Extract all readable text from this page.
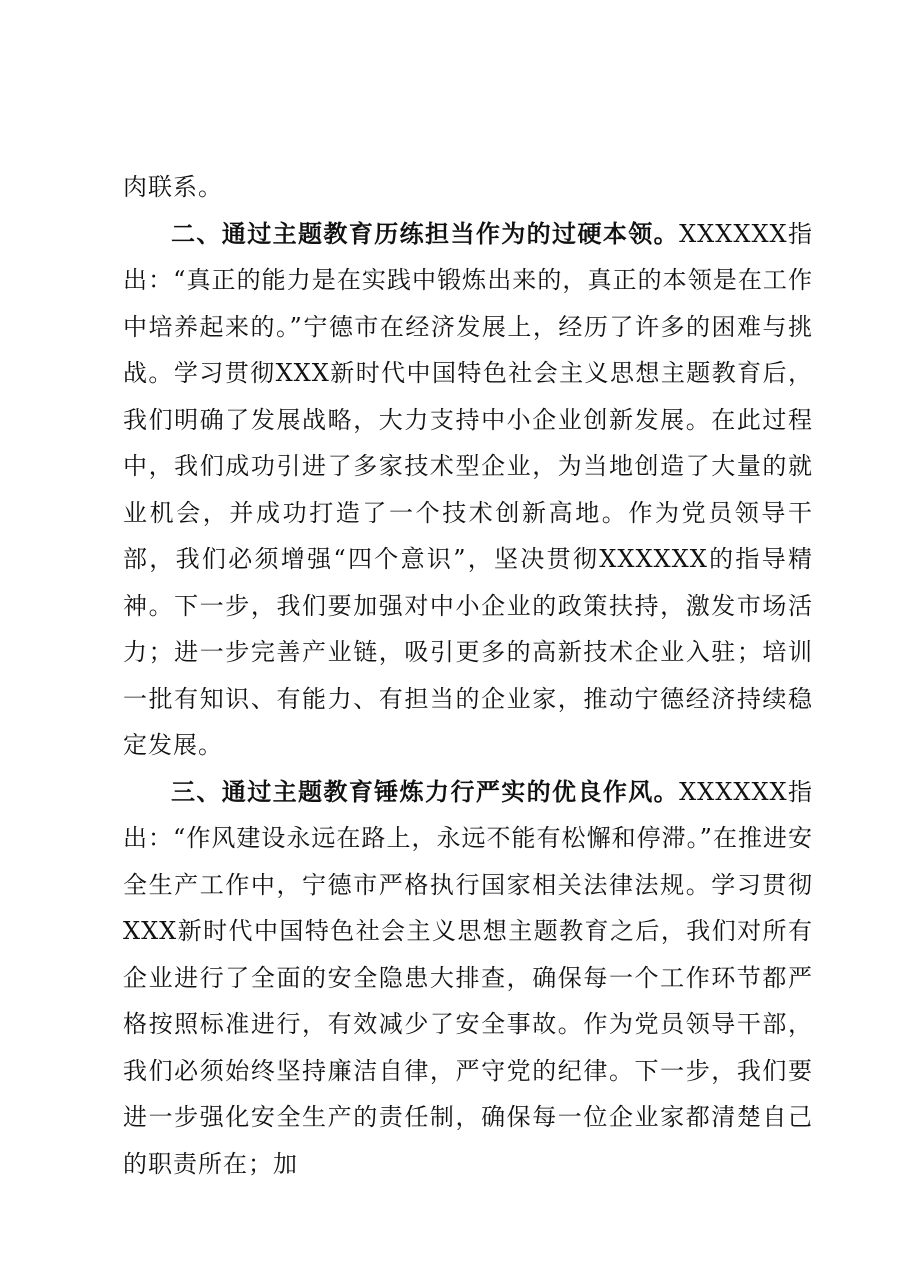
肉联系。

二、通过主题教育历练担当作为的过硬本领。XXXXXX指出：“真正的能力是在实践中锻炼出来的，真正的本领是在工作中培养起来的。”宁德市在经济发展上，经历了许多的困难与挑战。学习贯彻XXX新时代中国特色社会主义思想主题教育后，我们明确了发展战略，大力支持中小企业创新发展。在此过程中，我们成功引进了多家技术型企业，为当地创造了大量的就业机会，并成功打造了一个技术创新高地。作为党员领导干部，我们必须增强“四个意识”，坚决贯彻XXXXXX的指导精神。下一步，我们要加强对中小企业的政策扶持，激发市场活力；进一步完善产业链，吸引更多的高新技术企业入驻；培训一批有知识、有能力、有担当的企业家，推动宁德经济持续稳定发展。

三、通过主题教育锤炼力行严实的优良作风。XXXXXX指出：“作风建设永远在路上，永远不能有松懈和停滞。”在推进安全生产工作中，宁德市严格执行国家相关法律法规。学习贯彻XXX新时代中国特色社会主义思想主题教育之后，我们对所有企业进行了全面的安全隐患大排查，确保每一个工作环节都严格按照标准进行，有效减少了安全事故。作为党员领导干部，我们必须始终坚持廉洁自律，严守党的纪律。下一步，我们要进一步强化安全生产的责任制，确保每一位企业家都清楚自己的职责所在；加
